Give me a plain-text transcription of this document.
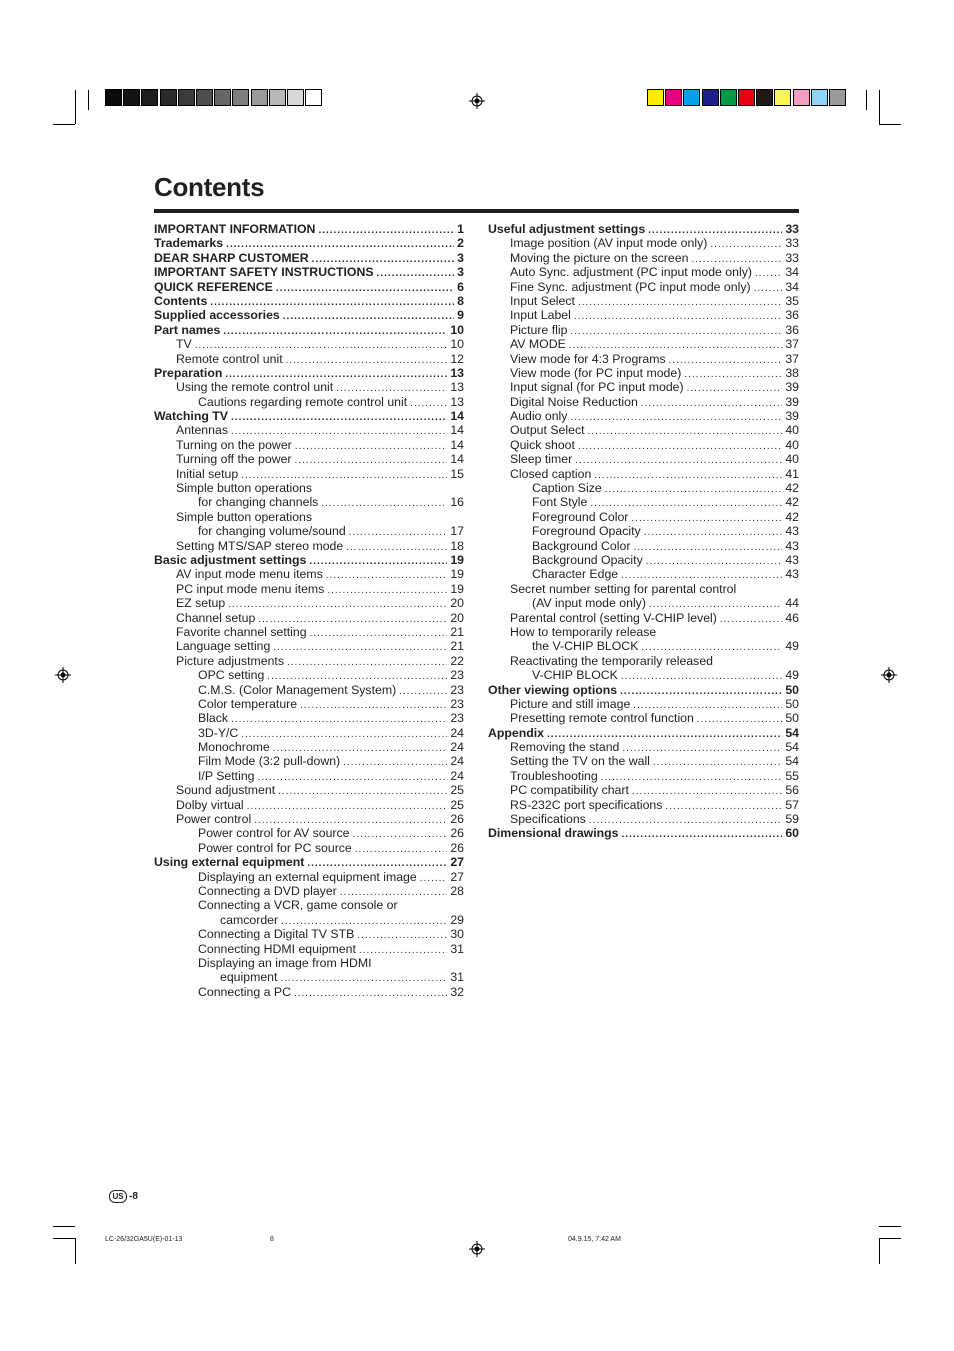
Contents
IMPORTANT INFORMATION .....	1
Trademarks .....	2
DEAR SHARP CUSTOMER .....	3
IMPORTANT SAFETY INSTRUCTIONS .....	3
QUICK REFERENCE .....	6
Contents .....	8
Supplied accessories .....	9
Part names .....	10
TV .....	10
Remote control unit .....	12
Preparation .....	13
Using the remote control unit .....	13
Cautions regarding remote control unit .....	13
Watching TV .....	14
Antennas .....	14
Turning on the power .....	14
Turning off the power .....	14
Initial setup .....	15
Simple button operations
for changing channels .....	16
Simple button operations
for changing volume/sound .....	17
Setting MTS/SAP stereo mode .....	18
Basic adjustment settings .....	19
AV input mode menu items .....	19
PC input mode menu items .....	19
EZ setup .....	20
Channel setup .....	20
Favorite channel setting .....	21
Language setting .....	21
Picture adjustments .....	22
OPC setting .....	23
C.M.S. (Color Management System) .....	23
Color temperature .....	23
Black .....	23
3D-Y/C .....	24
Monochrome .....	24
Film Mode (3:2 pull-down) .....	24
I/P Setting .....	24
Sound adjustment .....	25
Dolby virtual .....	25
Power control .....	26
Power control for AV source .....	26
Power control for PC source .....	26
Using external equipment .....	27
Displaying an external equipment image .....	27
Connecting a DVD player .....	28
Connecting a VCR, game console or
camcorder .....	29
Connecting a Digital TV STB .....	30
Connecting HDMI equipment .....	31
Displaying an image from HDMI
equipment .....	31
Connecting a PC .....	32
Useful adjustment settings .....	33
Image position (AV input mode only) .....	33
Moving the picture on the screen .....	33
Auto Sync. adjustment (PC input mode only) .....	34
Fine Sync. adjustment (PC input mode only) .....	34
Input Select .....	35
Input Label .....	36
Picture flip .....	36
AV MODE .....	37
View mode for 4:3 Programs .....	37
View mode (for PC input mode) .....	38
Input signal (for PC input mode) .....	39
Digital Noise Reduction .....	39
Audio only .....	39
Output Select .....	40
Quick shoot .....	40
Sleep timer .....	40
Closed caption .....	41
Caption Size .....	42
Font Style .....	42
Foreground Color .....	42
Foreground Opacity .....	43
Background Color .....	43
Background Opacity .....	43
Character Edge .....	43
Secret number setting for parental control
(AV input mode only) .....	44
Parental control (setting V-CHIP level) .....	46
How to temporarily release
the V-CHIP BLOCK .....	49
Reactivating the temporarily released
V-CHIP BLOCK .....	49
Other viewing options .....	50
Picture and still image .....	50
Presetting remote control function .....	50
Appendix .....	54
Removing the stand .....	54
Setting the TV on the wall .....	54
Troubleshooting .....	55
PC compatibility chart .....	56
RS-232C port specifications .....	57
Specifications .....	59
Dimensional drawings .....	60
US -8
LC-26/32GA5U(E)-01-13	8	04.9.15, 7:42 AM
